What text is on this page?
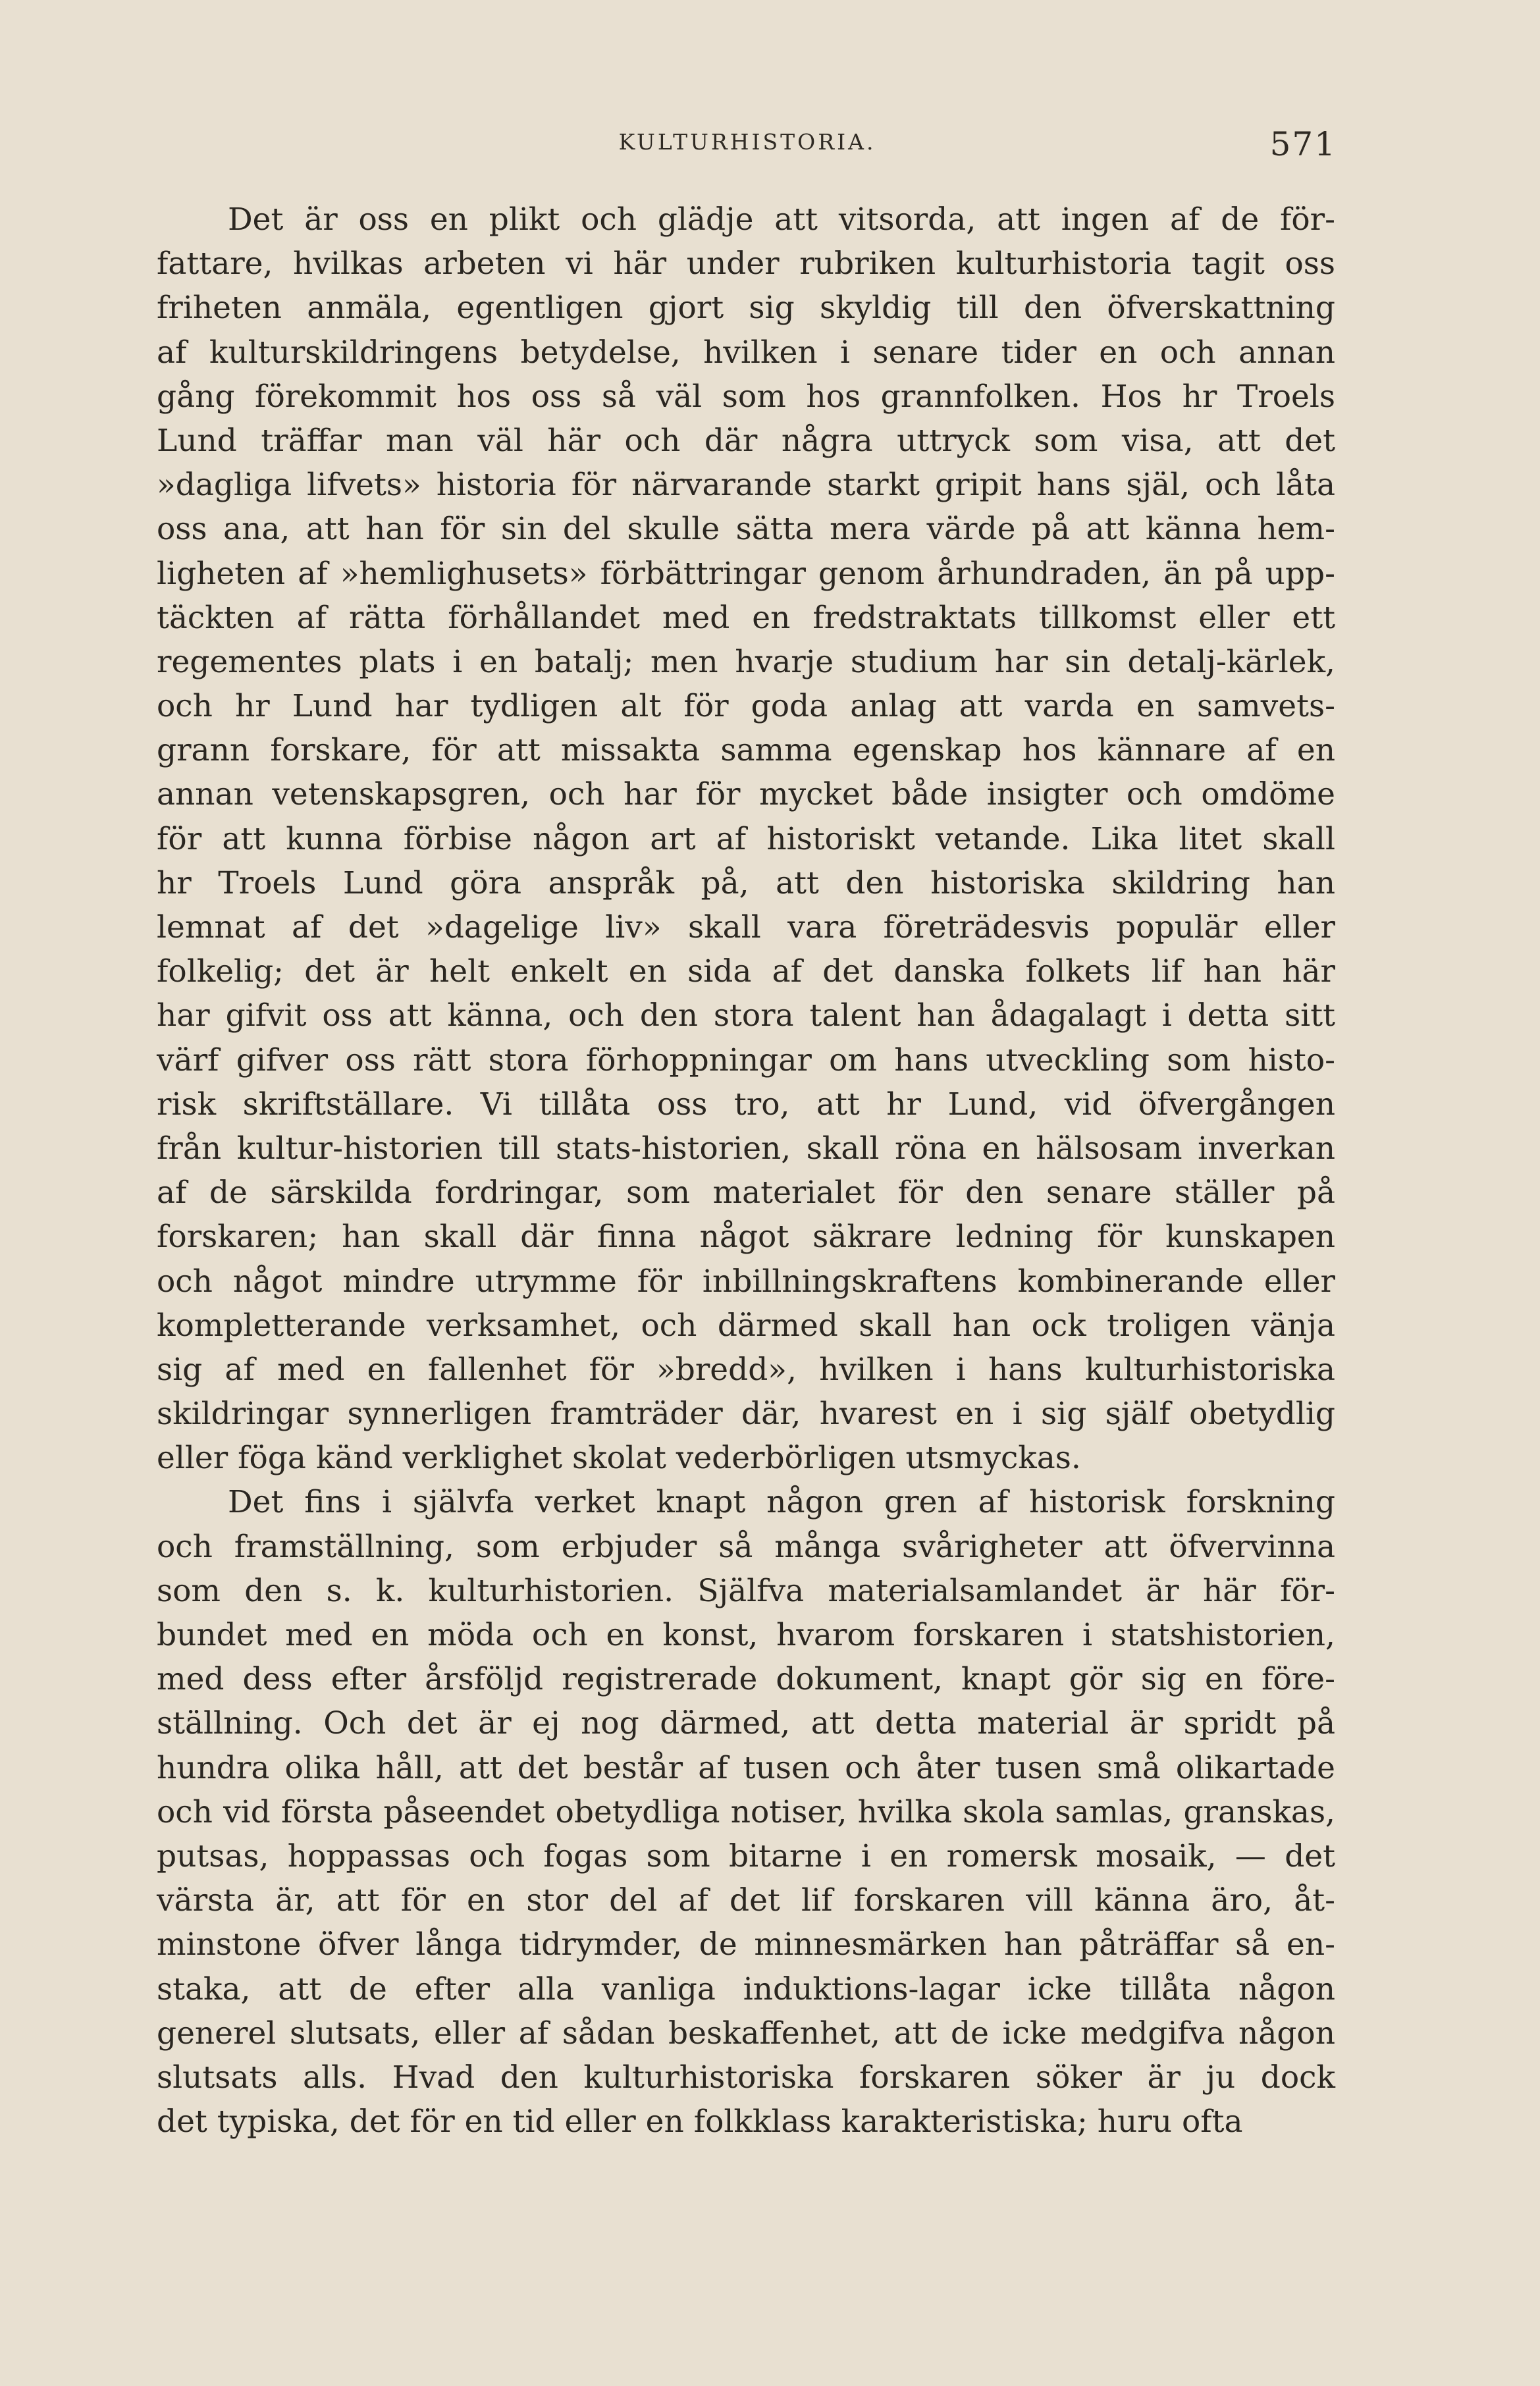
KULTURHISTORIA.	571
Det är oss en plikt och glädje att vitsorda, att ingen af de för-
fattare, hvilkas arbeten vi här under rubriken kulturhistoria tagit oss
friheten anmäla, egentligen gjort sig skyldig till den öfverskattning
af kulturskildringens betydelse, hvilken i senare tider en och annan
gång förekommit hos oss så väl som hos grannfolken. Hos hr Troels
Lund träffar man väl här och där några uttryck som visa, att det
»dagliga lifvets» historia för närvarande starkt gripit hans själ, och låta
oss ana, att han för sin del skulle sätta mera värde på att känna hem-
ligheten af »hemlighusets» förbättringar genom århundraden, än på upp-
täckten af rätta förhållandet med en fredstraktats tillkomst eller ett
regementes plats i en batalj; men hvarje studium har sin detalj-kärlek,
och hr Lund har tydligen alt för goda anlag att varda en samvets-
grann forskare, för att missakta samma egenskap hos kännare af en
annan vetenskapsgren, och har för mycket både insigter och omdöme
för att kunna förbise någon art af historiskt vetande. Lika litet skall
hr Troels Lund göra anspråk på, att den historiska skildring han
lemnat af det »dagelige liv» skall vara företrädesvis populär eller
folkelig; det är helt enkelt en sida af det danska folkets lif han här
har gifvit oss att känna, och den stora talent han ådagalagt i detta sitt
värf gifver oss rätt stora förhoppningar om hans utveckling som histo-
risk skriftställare. Vi tillåta oss tro, att hr Lund, vid öfvergången
från kultur-historien till stats-historien, skall röna en hälsosam inverkan
af de särskilda fordringar, som materialet för den senare ställer på
forskaren; han skall där finna något säkrare ledning för kunskapen
och något mindre utrymme för inbillningskraftens kombinerande eller
kompletterande verksamhet, och därmed skall han ock troligen vänja
sig af med en fallenhet för »bredd», hvilken i hans kulturhistoriska
skildringar synnerligen framträder där, hvarest en i sig själf obetydlig
eller föga känd verklighet skolat vederbörligen utsmyckas.
Det fins i självfa verket knapt någon gren af historisk forskning
och framställning, som erbjuder så många svårigheter att öfvervinna
som den s. k. kulturhistorien. Själfva materialsamlandet är här för-
bundet med en möda och en konst, hvarom forskaren i statshistorien,
med dess efter årsföljd registrerade dokument, knapt gör sig en före-
ställning. Och det är ej nog därmed, att detta material är spridt på
hundra olika håll, att det består af tusen och åter tusen små olikartade
och vid första påseendet obetydliga notiser, hvilka skola samlas, granskas,
putsas, hoppassas och fogas som bitarne i en romersk mosaik, — det
värsta är, att för en stor del af det lif forskaren vill känna äro, åt-
minstone öfver långa tidrymder, de minnesmärken han påträffar så en-
staka, att de efter alla vanliga induktions-lagar icke tillåta någon
generel slutsats, eller af sådan beskaffenhet, att de icke medgifva någon
slutsats alls. Hvad den kulturhistoriska forskaren söker är ju dock
det typiska, det för en tid eller en folkklass karakteristiska; huru ofta
